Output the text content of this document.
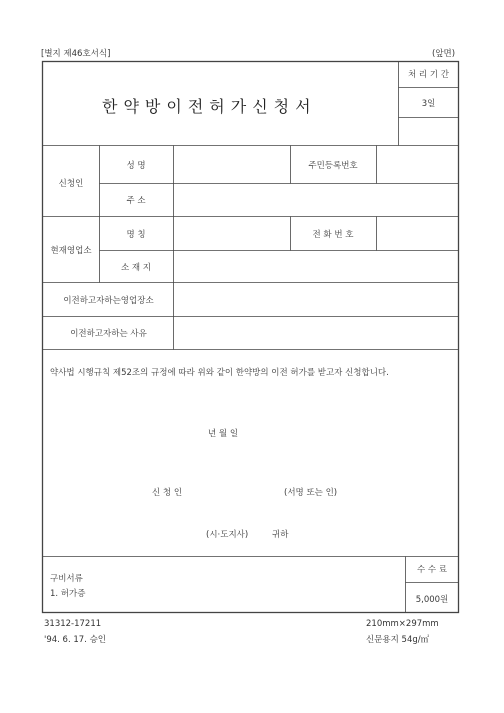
[별지 제46호서식]	(앞면)
한약방이전허가신청서
처 리 기 간
3일
신청인
성 명	주민등록번호
주 소
현재영업소
명 칭	전 화 번 호
소 재 지
이전하고자하는영업장소
이전하고자하는 사유
약사법 시행규칙 제52조의 규정에 따라 위와 같이 한약방의 이전 허가를 받고자 신청합니다.
년 월 일
신 청 인	(서명 또는 인)
(시·도지사)	귀하
구비서류
1. 허가증
수 수 료
5,000원
31312-17211
'94. 6. 17. 승인
210mm×297mm
신문용지 54g/㎡
